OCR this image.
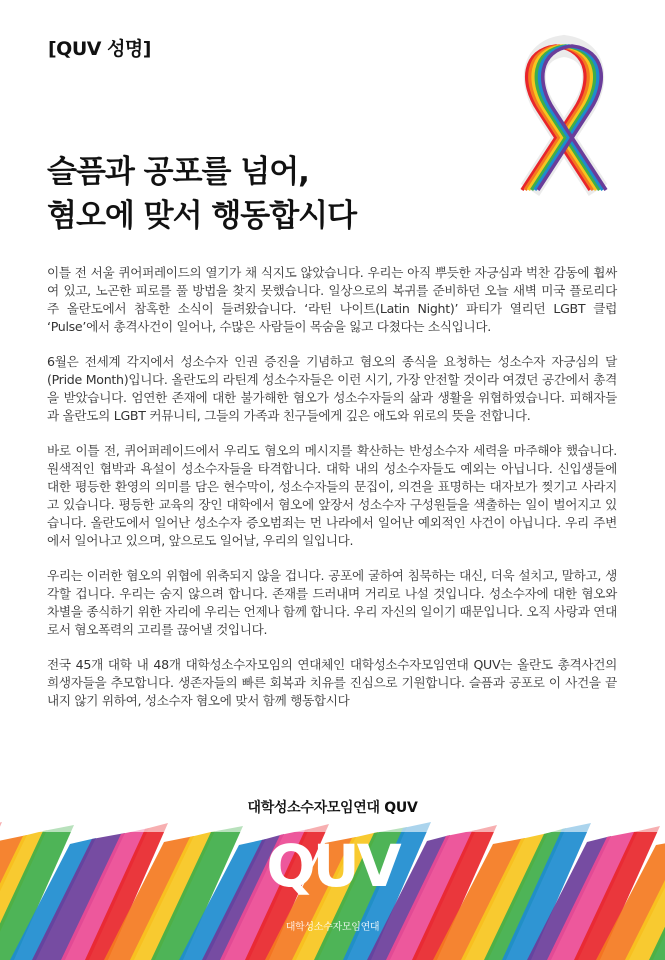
[QUV 성명]
슬픔과 공포를 넘어,
혐오에 맞서 행동합시다

이틀 전 서울 퀴어퍼레이드의 열기가 채 식지도 않았습니다. 우리는 아직 뿌듯한 자긍심과 벅찬 감동에 휩싸여 있고, 노곤한 피로를 풀 방법을 찾지 못했습니다. 일상으로의 복귀를 준비하던 오늘 새벽 미국 플로리다 주 올란도에서 참혹한 소식이 들려왔습니다. ‘라틴 나이트(Latin Night)’ 파티가 열리던 LGBT 클럽 ‘Pulse’에서 총격사건이 일어나, 수많은 사람들이 목숨을 잃고 다쳤다는 소식입니다.

6월은 전세계 각지에서 성소수자 인권 증진을 기념하고 혐오의 종식을 요청하는 성소수자 자긍심의 달(Pride Month)입니다. 올란도의 라틴계 성소수자들은 이런 시기, 가장 안전할 것이라 여겼던 공간에서 총격을 받았습니다. 엄연한 존재에 대한 불가해한 혐오가 성소수자들의 삶과 생활을 위협하였습니다. 피해자들과 올란도의 LGBT 커뮤니티, 그들의 가족과 친구들에게 깊은 애도와 위로의 뜻을 전합니다.

바로 이틀 전, 퀴어퍼레이드에서 우리도 혐오의 메시지를 확산하는 반성소수자 세력을 마주해야 했습니다. 원색적인 협박과 욕설이 성소수자들을 타격합니다. 대학 내의 성소수자들도 예외는 아닙니다. 신입생들에 대한 평등한 환영의 의미를 담은 현수막이, 성소수자들의 문집이, 의견을 표명하는 대자보가 찢기고 사라지고 있습니다. 평등한 교육의 장인 대학에서 혐오에 앞장서 성소수자 구성원들을 색출하는 일이 벌어지고 있습니다. 올란도에서 일어난 성소수자 증오범죄는 먼 나라에서 일어난 예외적인 사건이 아닙니다. 우리 주변에서 일어나고 있으며, 앞으로도 일어날, 우리의 일입니다.

우리는 이러한 혐오의 위협에 위축되지 않을 겁니다. 공포에 굴하여 침묵하는 대신, 더욱 설치고, 말하고, 생각할 겁니다. 우리는 숨지 않으려 합니다. 존재를 드러내며 거리로 나설 것입니다. 성소수자에 대한 혐오와 차별을 종식하기 위한 자리에 우리는 언제나 함께 합니다. 우리 자신의 일이기 때문입니다. 오직 사랑과 연대로서 혐오폭력의 고리를 끊어낼 것입니다.

전국 45개 대학 내 48개 대학성소수자모임의 연대체인 대학성소수자모임연대 QUV는 올란도 총격사건의 희생자들을 추모합니다. 생존자들의 빠른 회복과 치유를 진심으로 기원합니다. 슬픔과 공포로 이 사건을 끝내지 않기 위하여, 성소수자 혐오에 맞서 함께 행동합시다

대학성소수자모임연대 QUV
QUV
대학성소수자모임연대
